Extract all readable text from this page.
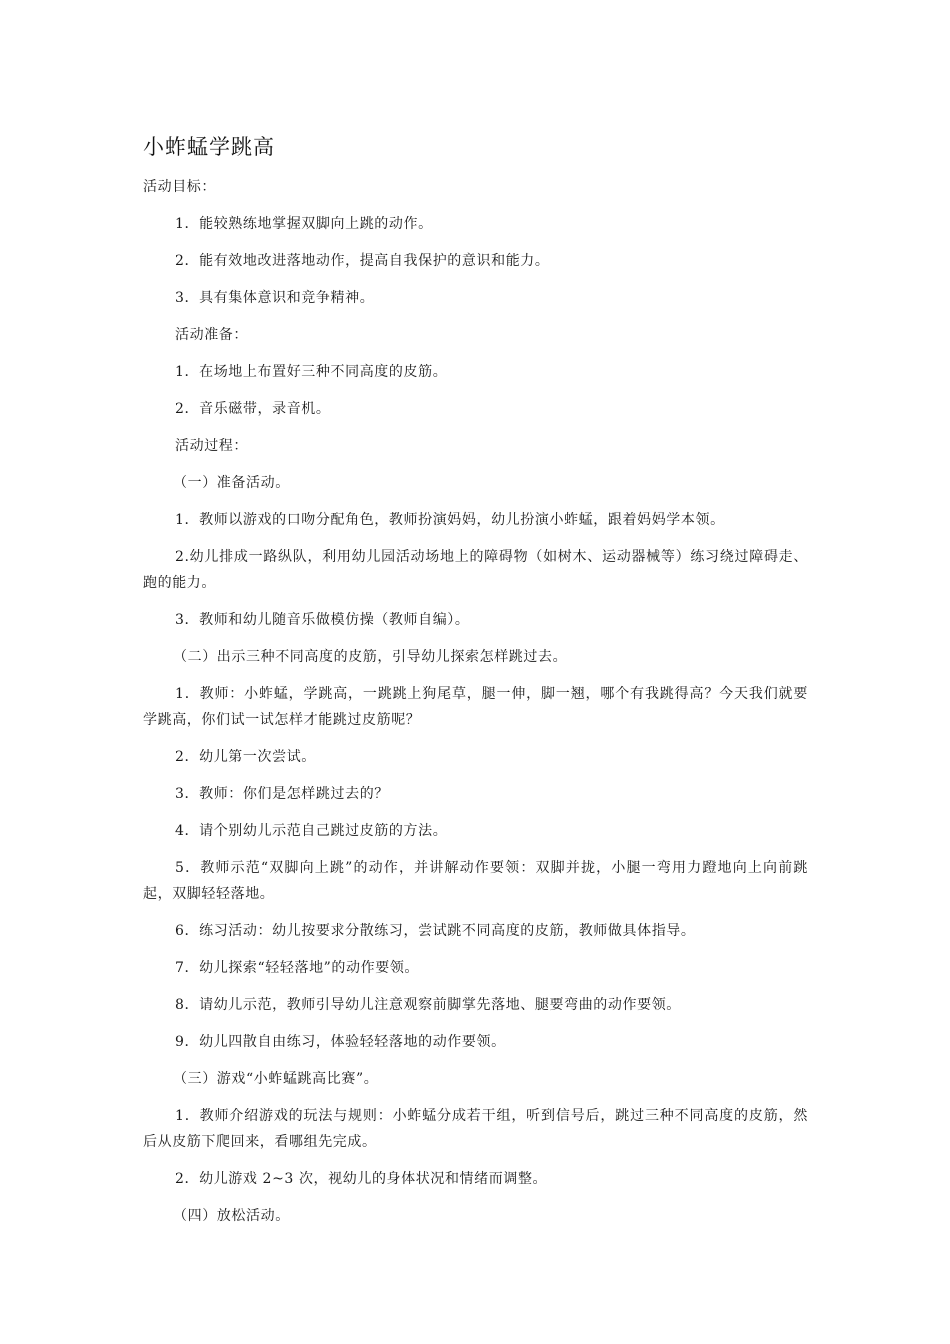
小蚱蜢学跳高

活动目标：

1．能较熟练地掌握双脚向上跳的动作。

2．能有效地改进落地动作，提高自我保护的意识和能力。

3．具有集体意识和竞争精神。

活动准备：

1．在场地上布置好三种不同高度的皮筋。

2．音乐磁带，录音机。

活动过程：

（一）准备活动。

1．教师以游戏的口吻分配角色，教师扮演妈妈，幼儿扮演小蚱蜢，跟着妈妈学本领。

2.幼儿排成一路纵队，利用幼儿园活动场地上的障碍物（如树木、运动器械等）练习绕过障碍走、跑的能力。

3．教师和幼儿随音乐做模仿操（教师自编）。

（二）出示三种不同高度的皮筋，引导幼儿探索怎样跳过去。

1．教师：小蚱蜢，学跳高，一跳跳上狗尾草，腿一伸，脚一翘，哪个有我跳得高？今天我们就要学跳高，你们试一试怎样才能跳过皮筋呢？

2．幼儿第一次尝试。

3．教师：你们是怎样跳过去的？

4．请个别幼儿示范自己跳过皮筋的方法。

5．教师示范“双脚向上跳”的动作，并讲解动作要领：双脚并拢，小腿一弯用力蹬地向上向前跳起，双脚轻轻落地。

6．练习活动：幼儿按要求分散练习，尝试跳不同高度的皮筋，教师做具体指导。

7．幼儿探索“轻轻落地”的动作要领。

8．请幼儿示范，教师引导幼儿注意观察前脚掌先落地、腿要弯曲的动作要领。

9．幼儿四散自由练习，体验轻轻落地的动作要领。

（三）游戏“小蚱蜢跳高比赛”。

1．教师介绍游戏的玩法与规则：小蚱蜢分成若干组，听到信号后，跳过三种不同高度的皮筋，然后从皮筋下爬回来，看哪组先完成。

2．幼儿游戏 2~3 次，视幼儿的身体状况和情绪而调整。

（四）放松活动。
